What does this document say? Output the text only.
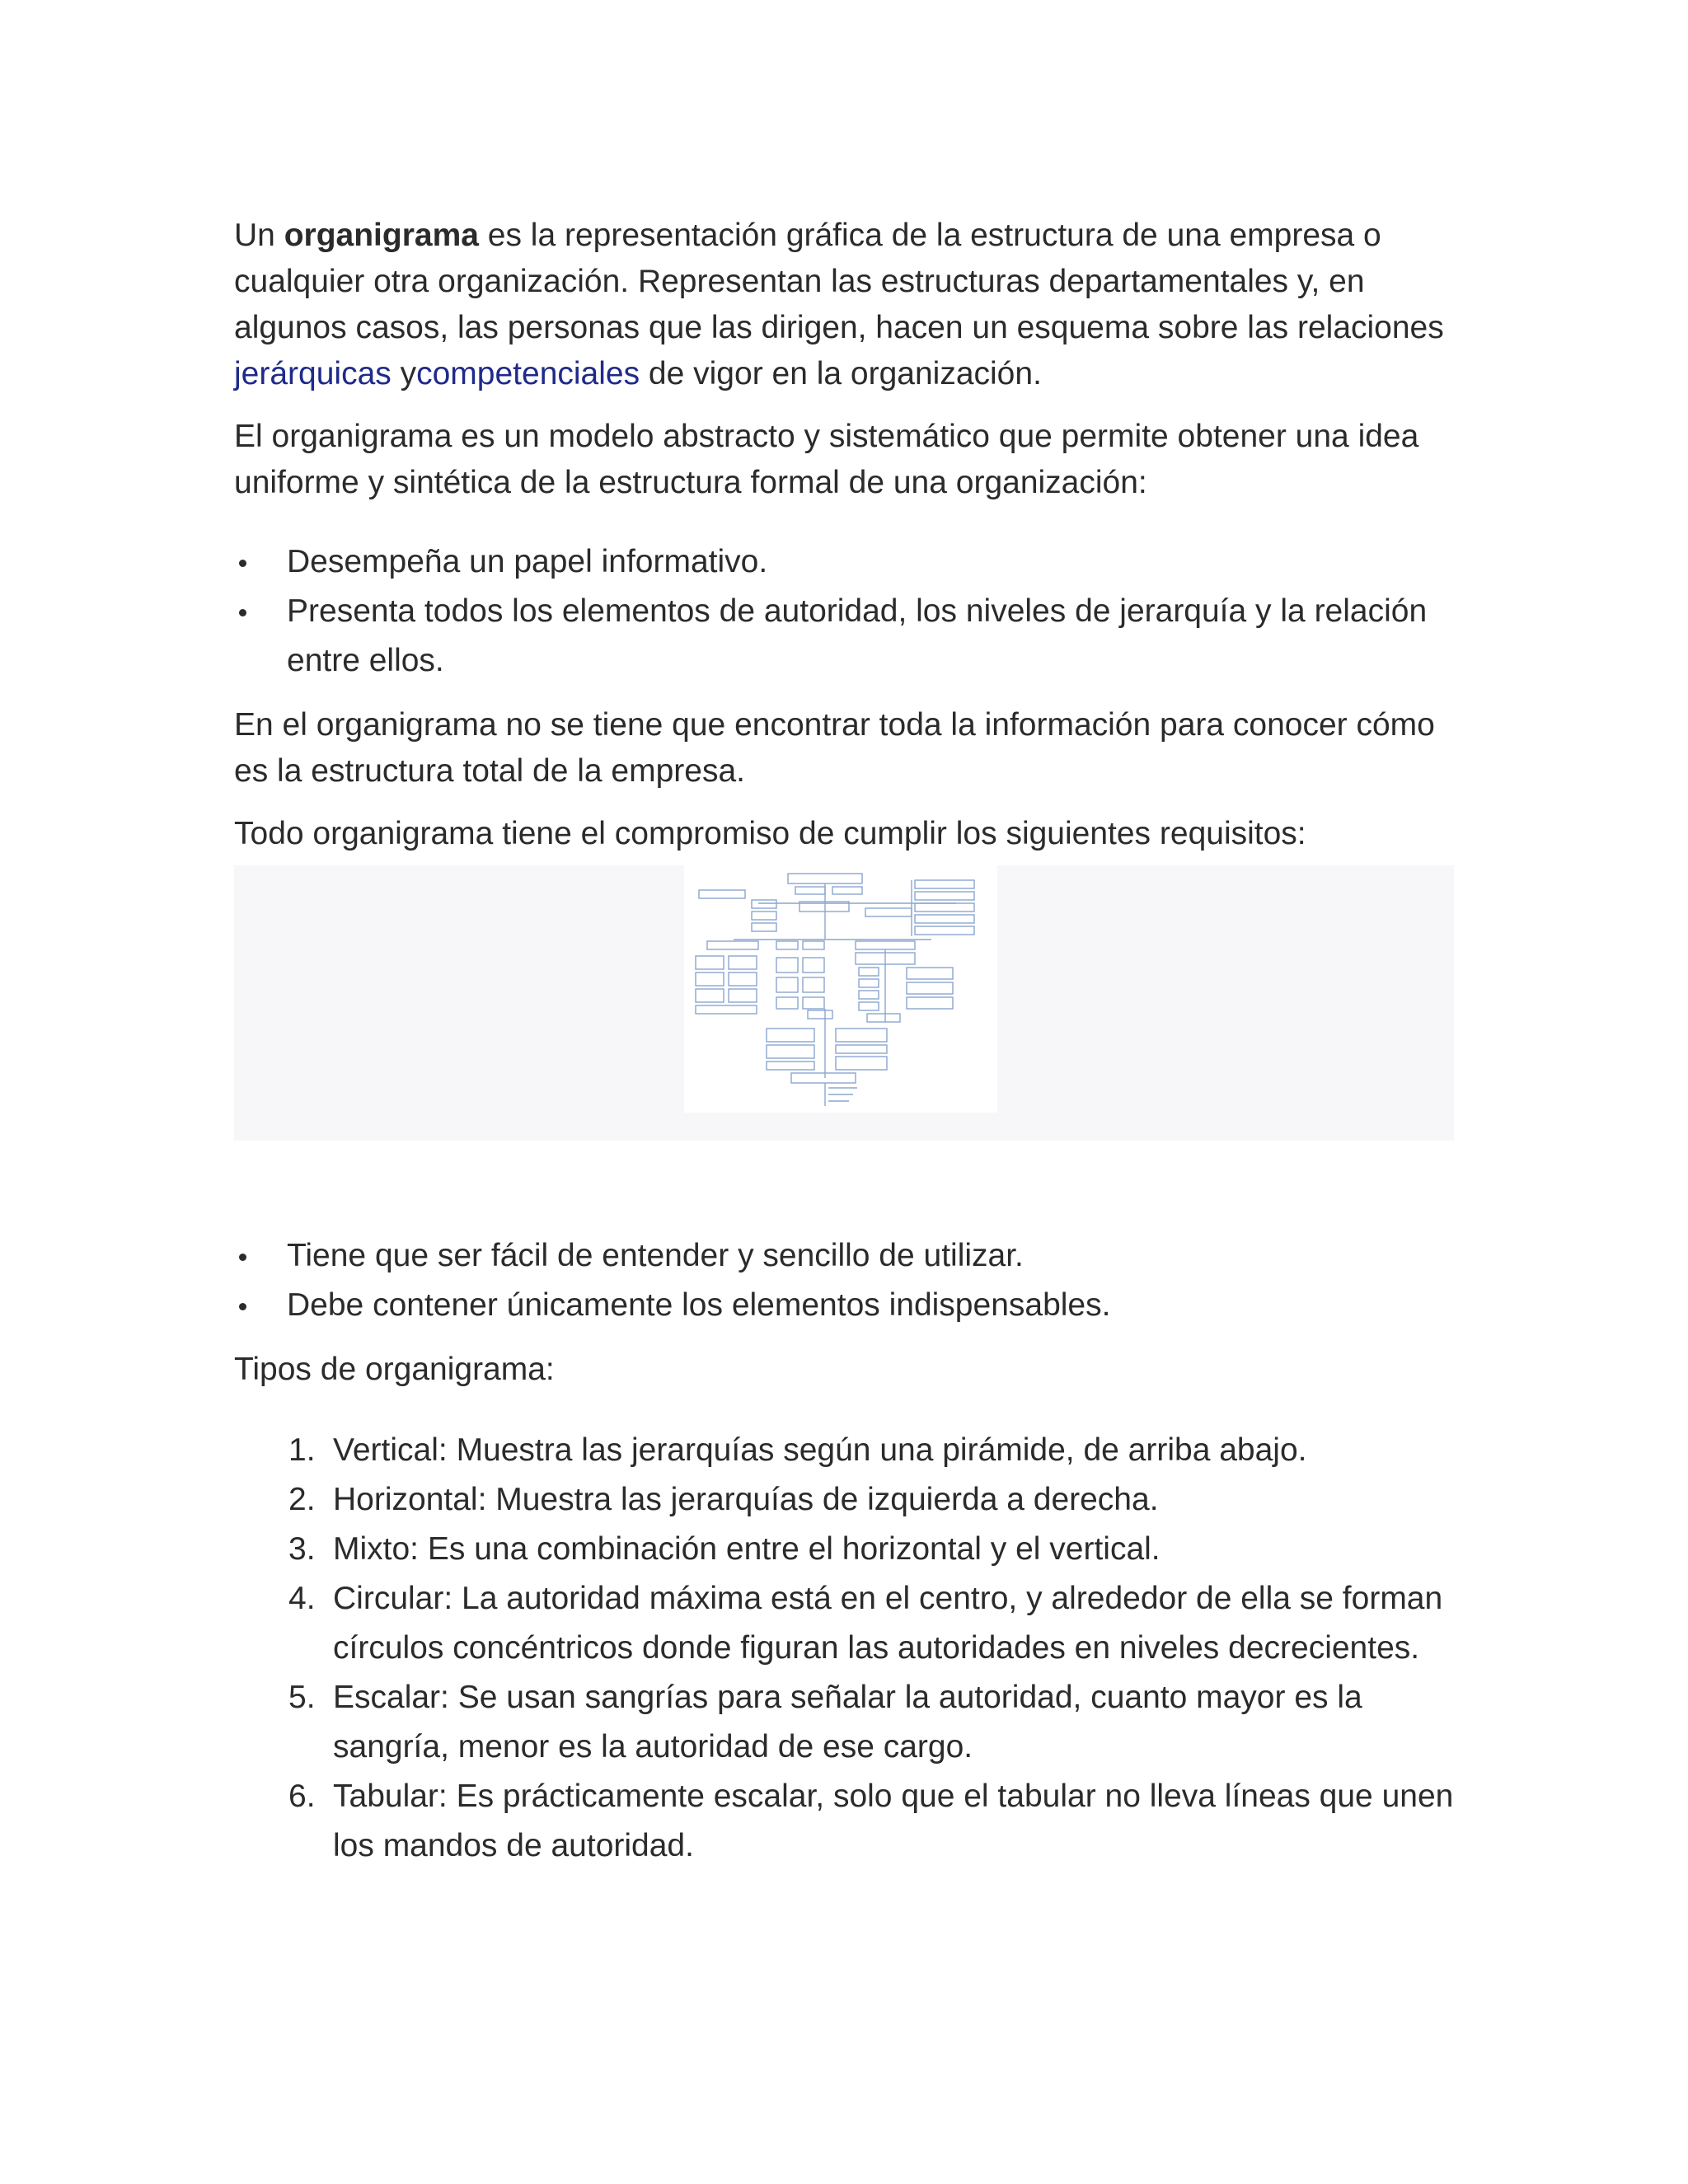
Un organigrama es la representación gráfica de la estructura de una empresa o cualquier otra organización. Representan las estructuras departamentales y, en algunos casos, las personas que las dirigen, hacen un esquema sobre las relaciones jerárquicas ycompetenciales de vigor en la organización.

El organigrama es un modelo abstracto y sistemático que permite obtener una idea uniforme y sintética de la estructura formal de una organización:

Desempeña un papel informativo.
Presenta todos los elementos de autoridad, los niveles de jerarquía y la relación entre ellos.

En el organigrama no se tiene que encontrar toda la información para conocer cómo es la estructura total de la empresa.

Todo organigrama tiene el compromiso de cumplir los siguientes requisitos:

Tiene que ser fácil de entender y sencillo de utilizar.
Debe contener únicamente los elementos indispensables.

Tipos de organigrama:

1. Vertical: Muestra las jerarquías según una pirámide, de arriba abajo.
2. Horizontal: Muestra las jerarquías de izquierda a derecha.
3. Mixto: Es una combinación entre el horizontal y el vertical.
4. Circular: La autoridad máxima está en el centro, y alrededor de ella se forman círculos concéntricos donde figuran las autoridades en niveles decrecientes.
5. Escalar: Se usan sangrías para señalar la autoridad, cuanto mayor es la sangría, menor es la autoridad de ese cargo.
6. Tabular: Es prácticamente escalar, solo que el tabular no lleva líneas que unen los mandos de autoridad.
